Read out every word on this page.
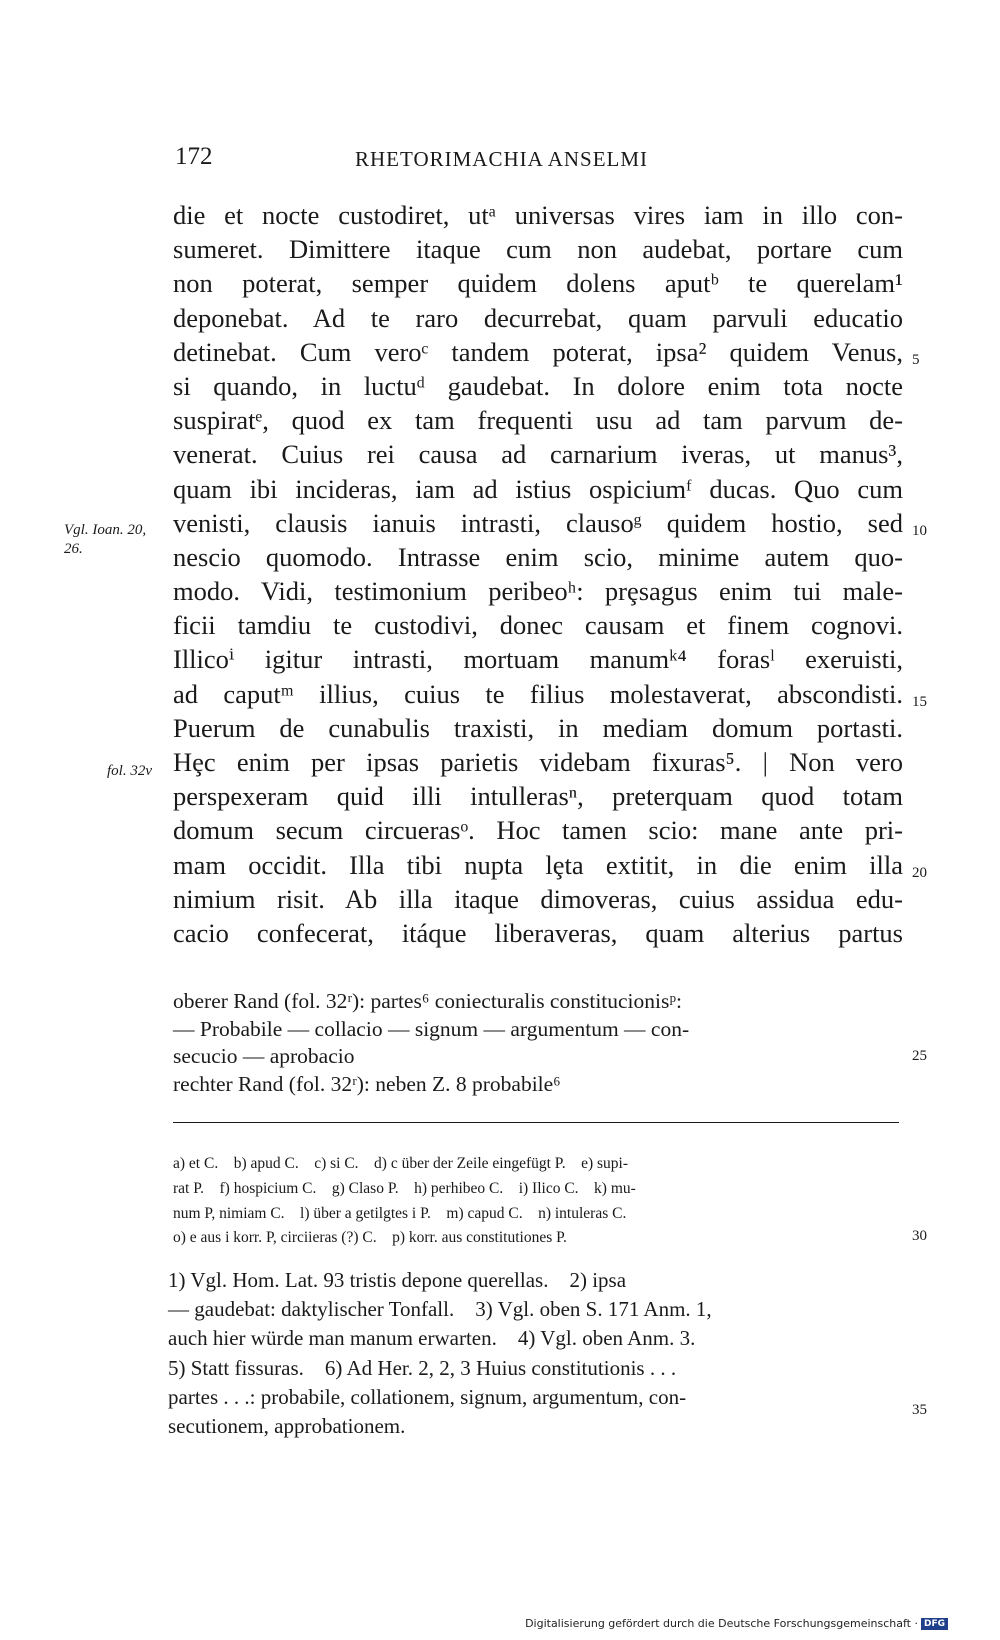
172	RHETORIMACHIA ANSELMI
die et nocte custodiret, utᵃ universas vires iam in illo con-
sumeret. Dimittere itaque cum non audebat, portare cum
non poterat, semper quidem dolens aputᵇ te querelam¹
deponebat. Ad te raro decurrebat, quam parvuli educatio
detinebat. Cum veroᶜ tandem poterat, ipsa² quidem Venus,
si quando, in luctuᵈ gaudebat. In dolore enim tota nocte
suspiratᵉ, quod ex tam frequenti usu ad tam parvum de-
venerat. Cuius rei causa ad carnarium iveras, ut manus³,
quam ibi incideras, iam ad istius ospiciumᶠ ducas. Quo cum
venisti, clausis ianuis intrasti, clausoᵍ quidem hostio, sed
nescio quomodo. Intrasse enim scio, minime autem quo-
modo. Vidi, testimonium peribeoʰ: prȩsagus enim tui male-
ficii tamdiu te custodivi, donec causam et finem cognovi.
Illicoⁱ igitur intrasti, mortuam manumᵏ⁴ forasˡ exeruisti,
ad caputᵐ illius, cuius te filius molestaverat, abscondisti.
Puerum de cunabulis traxisti, in mediam domum portasti.
Hȩc enim per ipsas parietis videbam fixuras⁵. | Non vero
perspexeram quid illi intullerasⁿ, preterquam quod totam
domum secum circuerasᵒ. Hoc tamen scio: mane ante pri-
mam occidit. Illa tibi nupta lȩta extitit, in die enim illa
nimium risit. Ab illa itaque dimoveras, cuius assidua edu-
cacio confecerat, itáque liberaveras, quam alterius partus
5
10
15
20
25
30
35
Vgl. Ioan. 20,
26.
fol. 32v
oberer Rand (fol. 32ʳ): partes⁶ coniecturalis constitucionisᵖ:
— Probabile — collacio — signum — argumentum — con-
secucio — aprobacio
rechter Rand (fol. 32ʳ): neben Z. 8 probabile⁶
a) et C.    b) apud C.    c) si C.    d) c über der Zeile eingefügt P.    e) supi-
rat P.    f) hospicium C.    g) Claso P.    h) perhibeo C.    i) Ilico C.    k) mu-
num P, nimiam C.    l) über a getilgtes i P.    m) capud C.    n) intuleras C.
o) e aus i korr. P, circiieras (?) C.    p) korr. aus constitutiones P.
1) Vgl. Hom. Lat. 93 tristis depone querellas.    2) ipsa
— gaudebat: daktylischer Tonfall.    3) Vgl. oben S. 171 Anm. 1,
auch hier würde man manum erwarten.    4) Vgl. oben Anm. 3.
5) Statt fissuras.    6) Ad Her. 2, 2, 3 Huius constitutionis . . .
partes . . .: probabile, collationem, signum, argumentum, con-
secutionem, approbationem.
Digitalisierung gefördert durch die Deutsche Forschungsgemeinschaft · DFG
